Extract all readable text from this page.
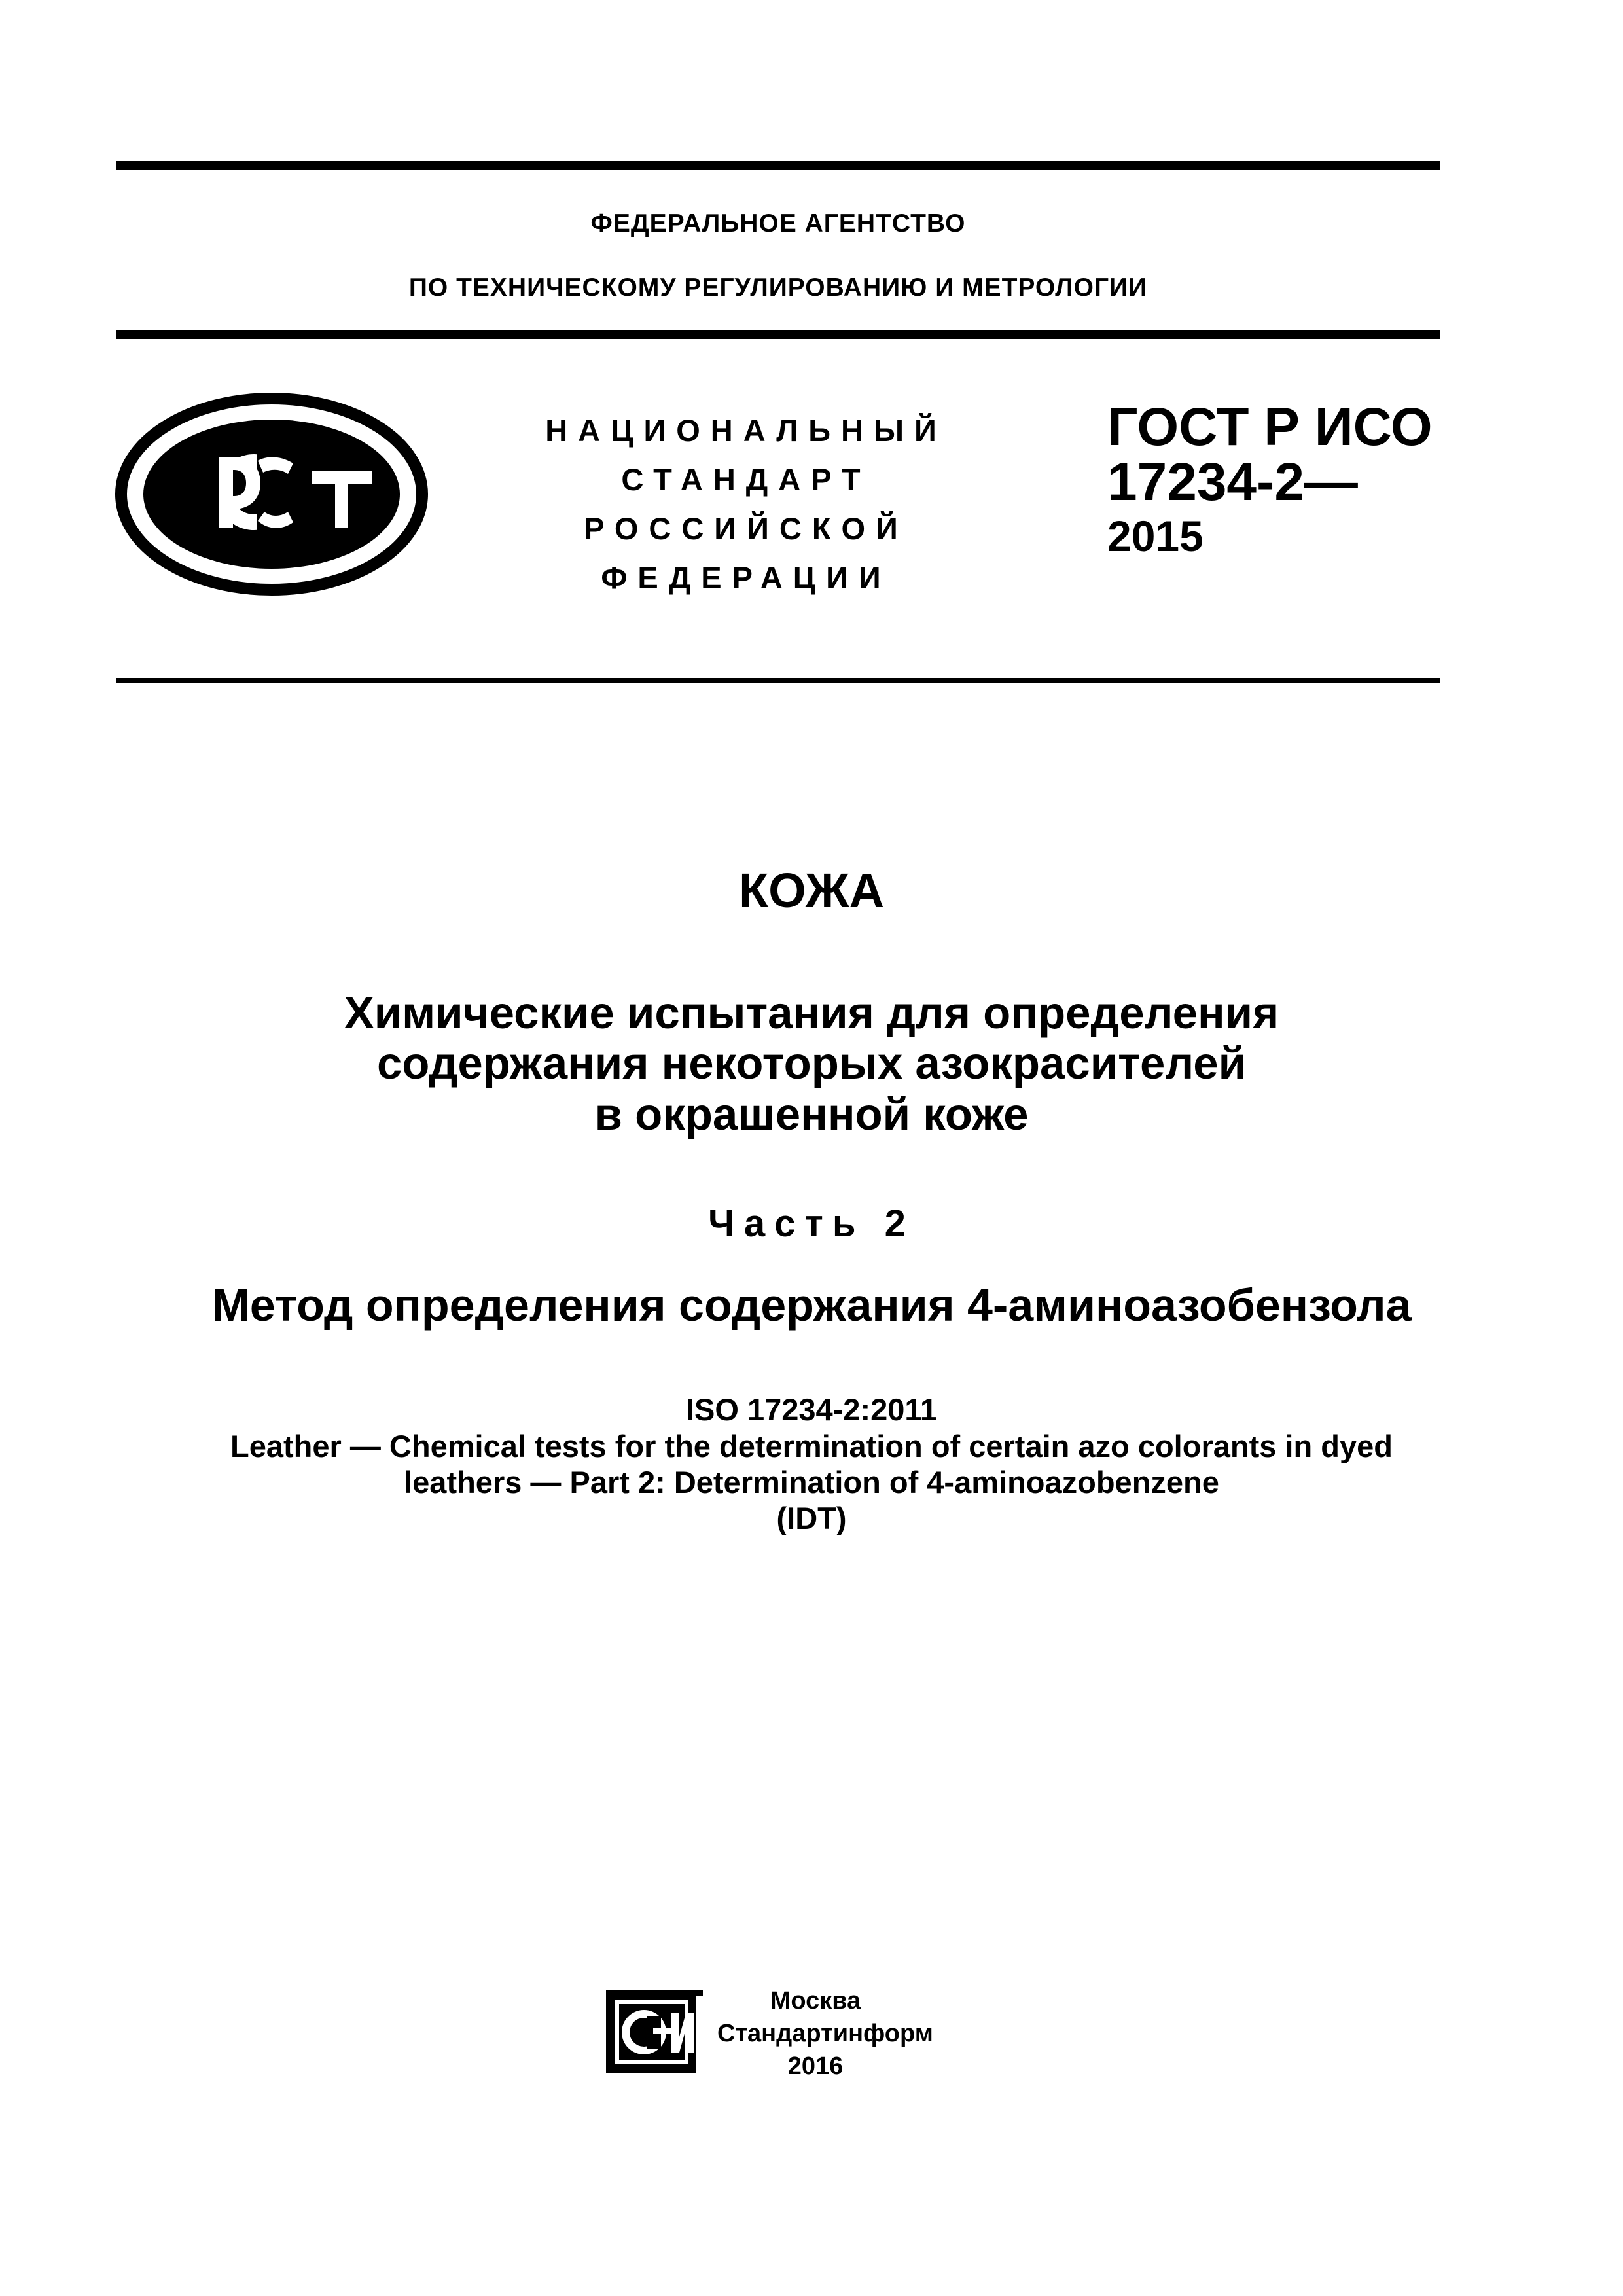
ФЕДЕРАЛЬНОЕ АГЕНТСТВО
ПО ТЕХНИЧЕСКОМУ РЕГУЛИРОВАНИЮ И МЕТРОЛОГИИ
НАЦИОНАЛЬНЫЙ
СТАНДАРТ
РОССИЙСКОЙ
ФЕДЕРАЦИИ
ГОСТ Р ИСО
17234-2—
2015
КОЖА
Химические испытания для определения
содержания некоторых азокрасителей
в окрашенной коже
Часть 2
Метод определения содержания 4-аминоазобензола
ISO 17234-2:2011
Leather — Chemical tests for the determination of certain azo colorants in dyed
leathers — Part 2: Determination of 4-aminoazobenzene
(IDT)
Москва
Стандартинформ
2016
